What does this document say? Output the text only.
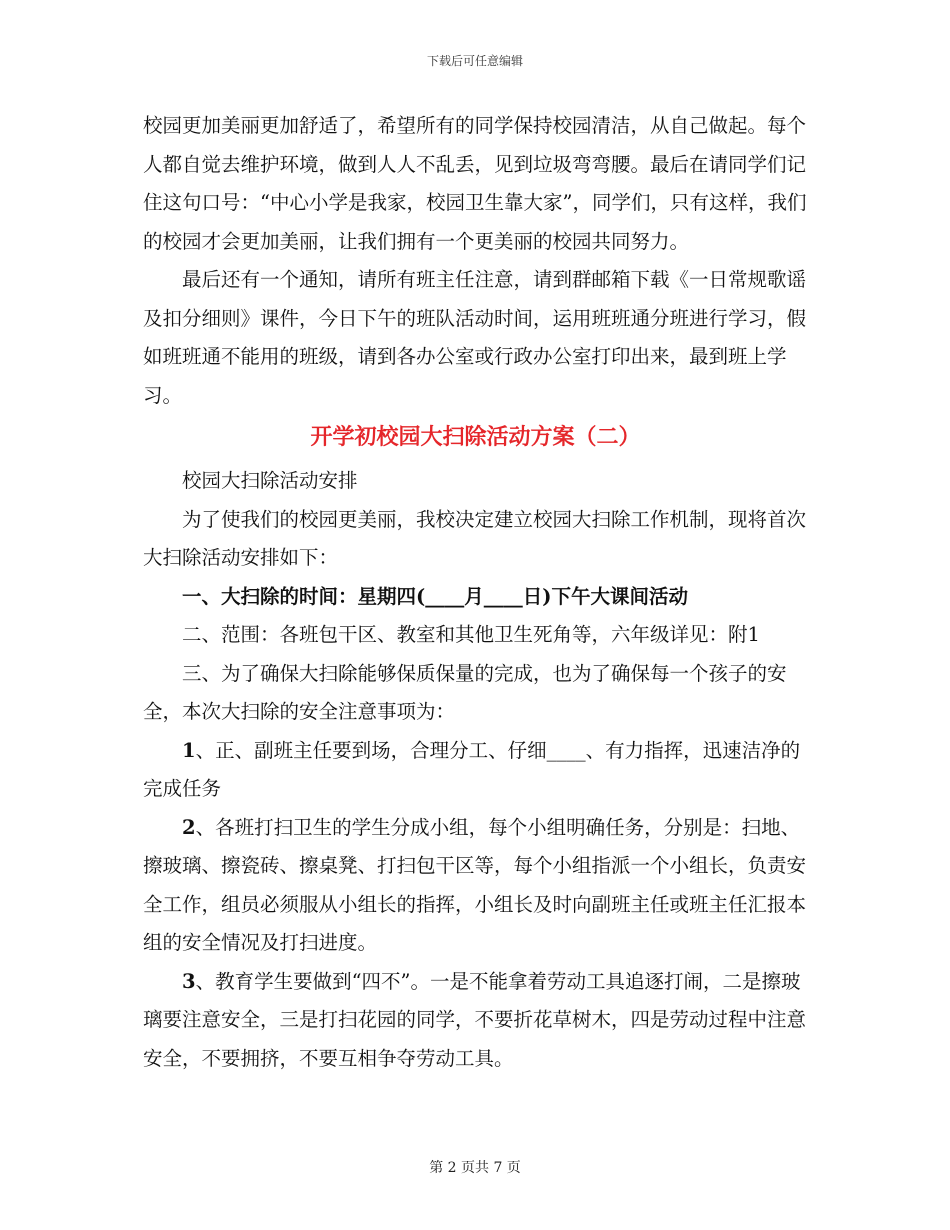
下载后可任意编辑

校园更加美丽更加舒适了，希望所有的同学保持校园清洁，从自己做起。每个人都自觉去维护环境，做到人人不乱丢，见到垃圾弯弯腰。最后在请同学们记住这句口号：“中心小学是我家，校园卫生靠大家”，同学们，只有这样，我们的校园才会更加美丽，让我们拥有一个更美丽的校园共同努力。

最后还有一个通知，请所有班主任注意，请到群邮箱下载《一日常规歌谣及扣分细则》课件，今日下午的班队活动时间，运用班班通分班进行学习，假如班班通不能用的班级，请到各办公室或行政办公室打印出来，最到班上学习。

开学初校园大扫除活动方案（二）

校园大扫除活动安排

为了使我们的校园更美丽，我校决定建立校园大扫除工作机制，现将首次大扫除活动安排如下：

一、大扫除的时间：星期四(____月____日)下午大课间活动

二、范围：各班包干区、教室和其他卫生死角等，六年级详见：附1

三、为了确保大扫除能够保质保量的完成，也为了确保每一个孩子的安全，本次大扫除的安全注意事项为：

1、正、副班主任要到场，合理分工、仔细____、有力指挥，迅速洁净的完成任务

2、各班打扫卫生的学生分成小组，每个小组明确任务，分别是：扫地、擦玻璃、擦瓷砖、擦桌凳、打扫包干区等，每个小组指派一个小组长，负责安全工作，组员必须服从小组长的指挥，小组长及时向副班主任或班主任汇报本组的安全情况及打扫进度。

3、教育学生要做到“四不”。一是不能拿着劳动工具追逐打闹，二是擦玻璃要注意安全，三是打扫花园的同学，不要折花草树木，四是劳动过程中注意安全，不要拥挤，不要互相争夺劳动工具。

第 2 页共 7 页
